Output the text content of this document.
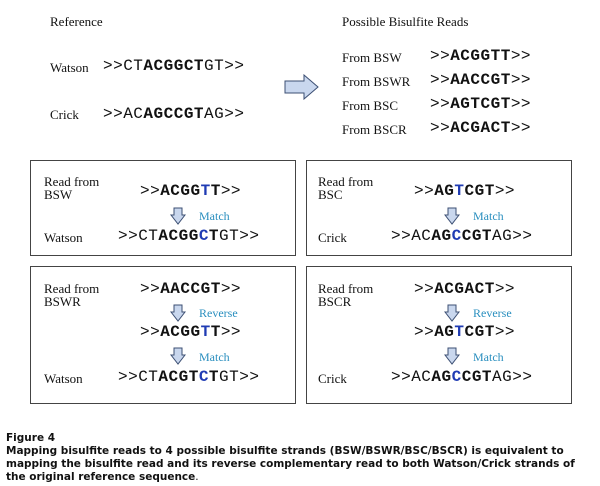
Reference	Possible Bisulfite Reads
Watson >>CTACGGCTGT>>
Crick >>ACAGCCGTAG>>
From BSW >>ACGGTT>>
From BSWR >>AACCGT>>
From BSC >>AGTCGT>>
From BSCR >>ACGACT>>
Read from
BSW	>>ACGGTT>>
Match
Watson >>CTACGGCTGT>>
Read from
BSC	>>AGTCGT>>
Match
Crick	>>ACAGCCGTAG>>
Read from
BSWR
>>AACCGT>>
Reverse
>>ACGGTT>>
Match
Watson >>CTACGTCTGT>>
Read from
BSCR
>>ACGACT>>
Reverse
>>AGTCGT>>
Match
Crick	>>ACAGCCGTAG>>
Figure 4
Mapping bisulfite reads to 4 possible bisulfite strands (BSW/BSWR/BSC/BSCR) is equivalent to mapping the bisulfite read and its reverse complementary read to both Watson/Crick strands of the original reference sequence.
